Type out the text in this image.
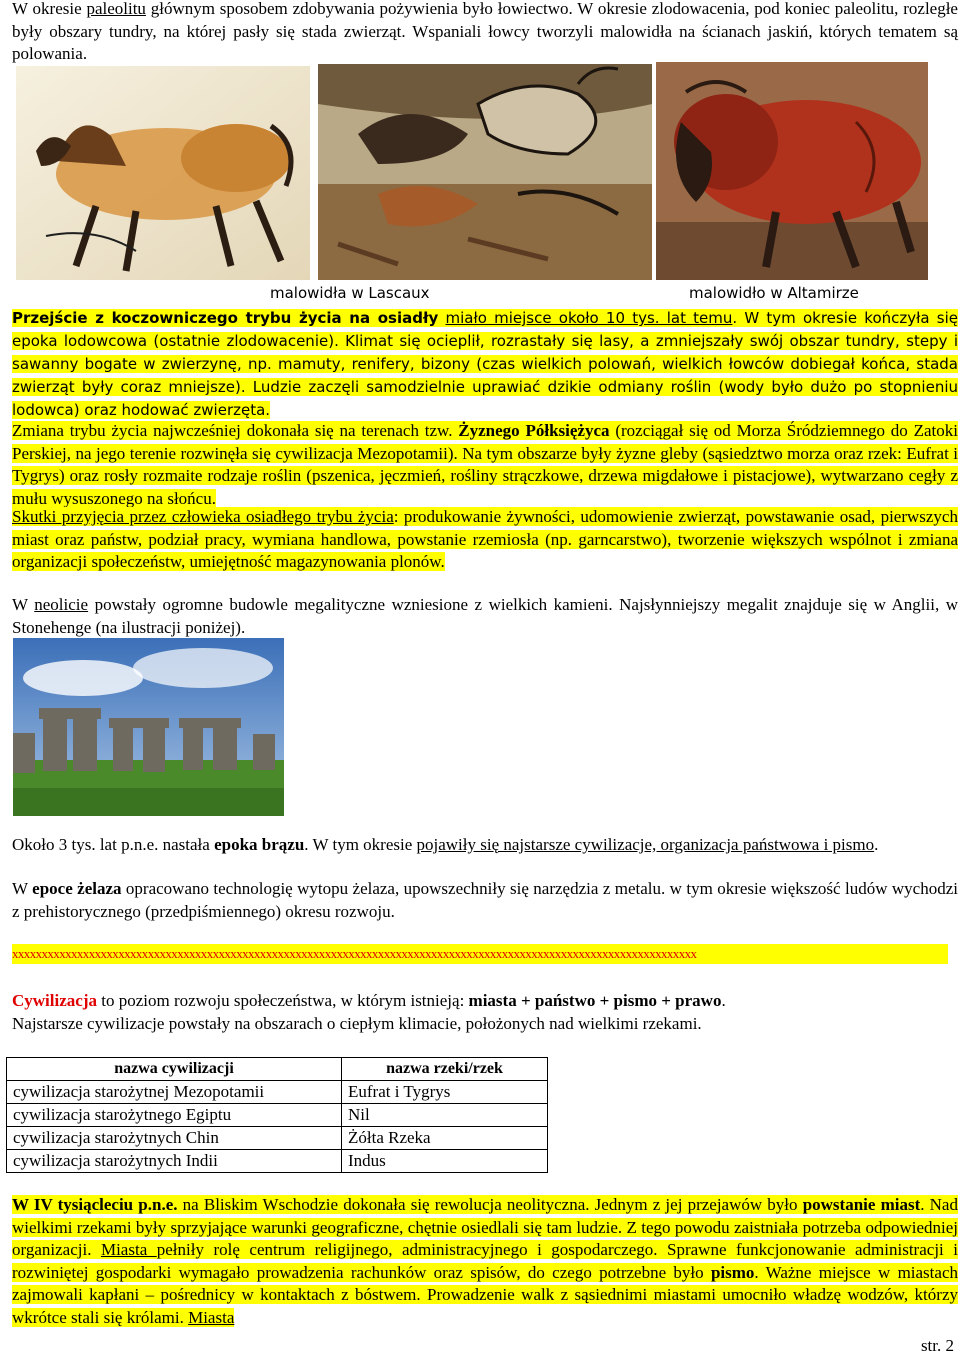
W okresie paleolitu głównym sposobem zdobywania pożywienia było łowiectwo. W okresie zlodowacenia, pod koniec paleolitu, rozległe były obszary tundry, na której pasły się stada zwierząt. Wspaniali łowcy tworzyli malowidła na ścianach jaskiń, których tematem są polowania.

malowidła w Lascaux	malowidło w Altamirze

Przejście z koczowniczego trybu życia na osiadły miało miejsce około 10 tys. lat temu. W tym okresie kończyła się epoka lodowcowa (ostatnie zlodowacenie). Klimat się ocieplił, rozrastały się lasy, a zmniejszały swój obszar tundry, stepy i sawanny bogate w zwierzynę, np. mamuty, renifery, bizony (czas wielkich polowań, wielkich łowców dobiegał końca, stada zwierząt były coraz mniejsze). Ludzie zaczęli samodzielnie uprawiać dzikie odmiany roślin (wody było dużo po stopnieniu lodowca) oraz hodować zwierzęta.

Zmiana trybu życia najwcześniej dokonała się na terenach tzw. Żyznego Półksiężyca (rozciągał się od Morza Śródziemnego do Zatoki Perskiej, na jego terenie rozwinęła się cywilizacja Mezopotamii). Na tym obszarze były żyzne gleby (sąsiedztwo morza oraz rzek: Eufrat i Tygrys) oraz rosły rozmaite rodzaje roślin (pszenica, jęczmień, rośliny strączkowe, drzewa migdałowe i pistacjowe), wytwarzano cegły z mułu wysuszonego na słońcu.

Skutki przyjęcia przez człowieka osiadłego trybu życia: produkowanie żywności, udomowienie zwierząt, powstawanie osad, pierwszych miast oraz państw, podział pracy, wymiana handlowa, powstanie rzemiosła (np. garncarstwo), tworzenie większych wspólnot i zmiana organizacji społeczeństw, umiejętność magazynowania plonów.

W neolicie powstały ogromne budowle megalityczne wzniesione z wielkich kamieni. Najsłynniejszy megalit znajduje się w Anglii, w Stonehenge (na ilustracji poniżej).

Około 3 tys. lat p.n.e. nastała epoka brązu. W tym okresie pojawiły się najstarsze cywilizacje, organizacja państwowa i pismo.

W epoce żelaza opracowano technologię wytopu żelaza, upowszechniły się narzędzia z metalu. w tym okresie większość ludów wychodzi z prehistorycznego (przedpiśmiennego) okresu rozwoju.

xxxxxxxxxxxxxxxxxxxxxxxxxxxxxxxxxxxxxxxxxxxxxxxxxxxxxxxxxxxxxxxxxxxxxxxxxxxxxxxxxxxxxxxxxxxxxxxxxxxxxxxxxxxxxxxxxxxx

Cywilizacja to poziom rozwoju społeczeństwa, w którym istnieją: miasta + państwo + pismo + prawo.

Najstarsze cywilizacje powstały na obszarach o ciepłym klimacie, położonych nad wielkimi rzekami.

nazwa cywilizacji	nazwa rzeki/rzek
cywilizacja starożytnej Mezopotamii	Eufrat i Tygrys
cywilizacja starożytnego Egiptu	Nil
cywilizacja starożytnych Chin	Żółta Rzeka
cywilizacja starożytnych Indii	Indus

W IV tysiącleciu p.n.e. na Bliskim Wschodzie dokonała się rewolucja neolityczna. Jednym z jej przejawów było powstanie miast. Nad wielkimi rzekami były sprzyjające warunki geograficzne, chętnie osiedlali się tam ludzie. Z tego powodu zaistniała potrzeba odpowiedniej organizacji. Miasta pełniły rolę centrum religijnego, administracyjnego i gospodarczego. Sprawne funkcjonowanie administracji i rozwiniętej gospodarki wymagało prowadzenia rachunków oraz spisów, do czego potrzebne było pismo. Ważne miejsce w miastach zajmowali kapłani – pośrednicy w kontaktach z bóstwem. Prowadzenie walk z sąsiednimi miastami umocniło władzę wodzów, którzy wkrótce stali się królami. Miasta

str. 2
